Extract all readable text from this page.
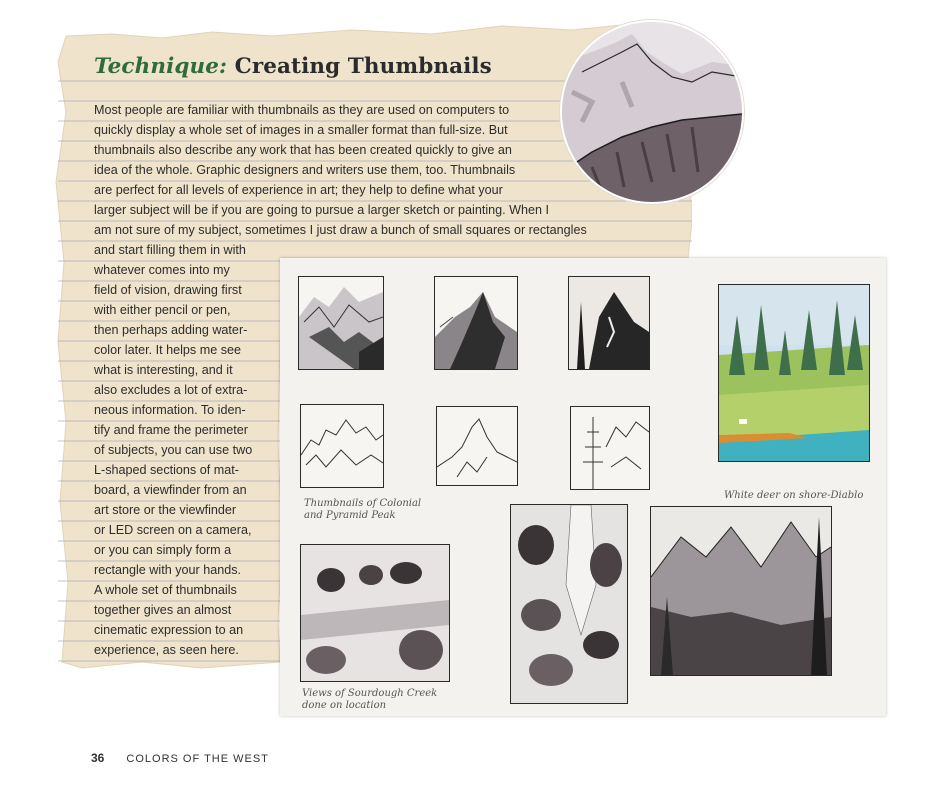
Technique: Creating Thumbnails
Most people are familiar with thumbnails as they are used on computers to
quickly display a whole set of images in a smaller format than full-size. But
thumbnails also describe any work that has been created quickly to give an
idea of the whole. Graphic designers and writers use them, too. Thumbnails
are perfect for all levels of experience in art; they help to define what your
larger subject will be if you are going to pursue a larger sketch or painting. When I
am not sure of my subject, sometimes I just draw a bunch of small squares or rectangles
and start filling them in with
whatever comes into my
field of vision, drawing first
with either pencil or pen,
then perhaps adding water-
color later. It helps me see
what is interesting, and it
also excludes a lot of extra-
neous information. To iden-
tify and frame the perimeter
of subjects, you can use two
L-shaped sections of mat-
board, a viewfinder from an
art store or the viewfinder
or LED screen on a camera,
or you can simply form a
rectangle with your hands.
A whole set of thumbnails
together gives an almost
cinematic expression to an
experience, as seen here.
Thumbnails of Colonial
and Pyramid Peak
White deer on shore-Diablo
Views of Sourdough Creek
done on location
36 COLORS OF THE WEST
